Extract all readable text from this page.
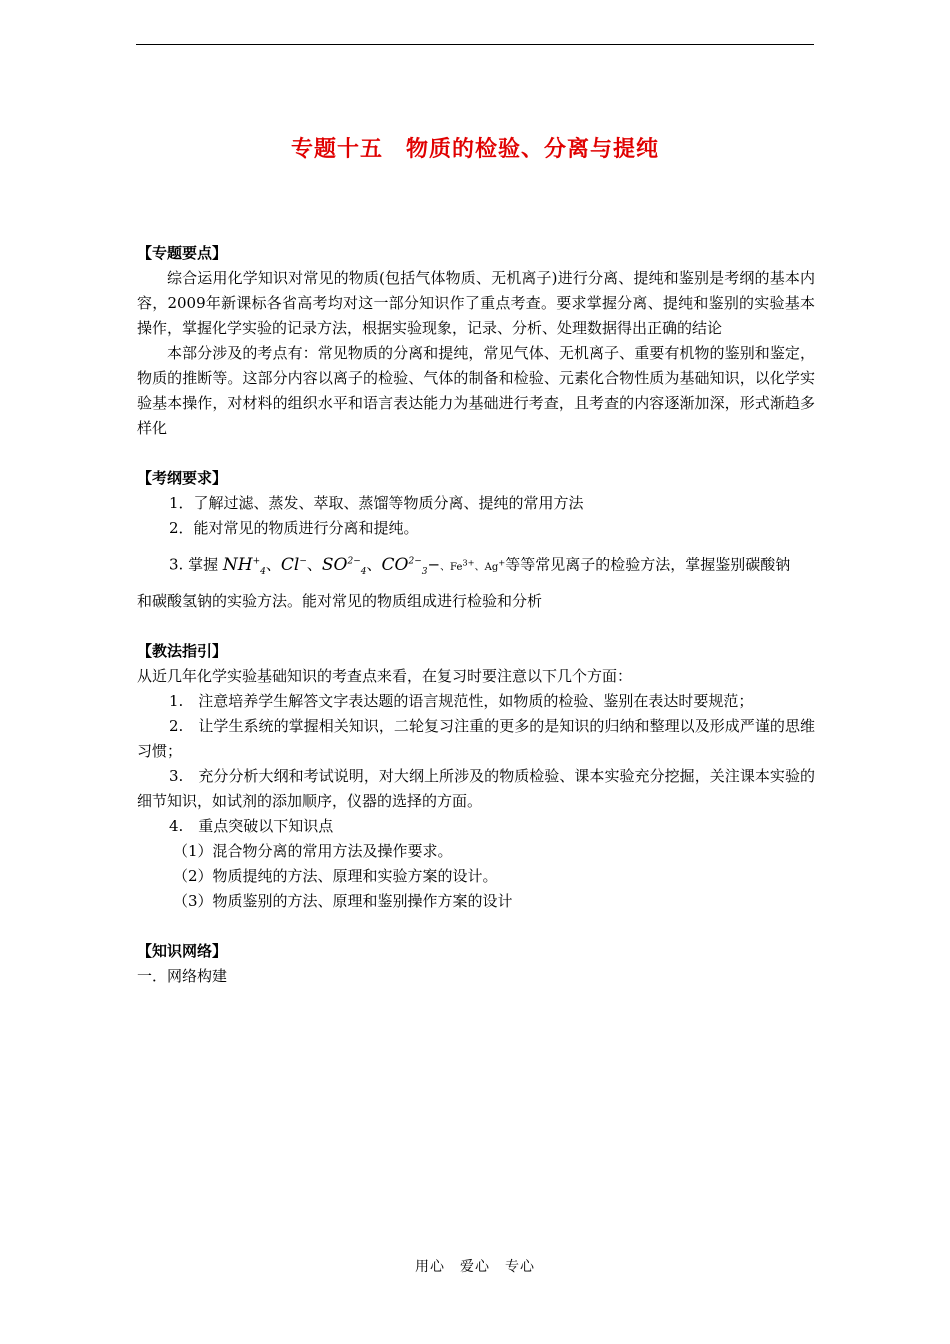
专题十五　物质的检验、分离与提纯
【专题要点】

综合运用化学知识对常见的物质(包括气体物质、无机离子)进行分离、提纯和鉴别是考纲的基本内容，2009年新课标各省高考均对这一部分知识作了重点考查。要求掌握分离、提纯和鉴别的实验基本操作，掌握化学实验的记录方法，根据实验现象，记录、分析、处理数据得出正确的结论

本部分涉及的考点有：常见物质的分离和提纯，常见气体、无机离子、重要有机物的鉴别和鉴定，物质的推断等。这部分内容以离子的检验、气体的制备和检验、元素化合物性质为基础知识，以化学实验基本操作，对材料的组织水平和语言表达能力为基础进行考查，且考查的内容逐渐加深，形式渐趋多样化

【考纲要求】
1．了解过滤、蒸发、萃取、蒸馏等物质分离、提纯的常用方法
2．能对常见的物质进行分离和提纯。
3. 掌握 $NH^+_4$、Cl−、$SO^{2-}_4$、$CO^{2-}_3-$、$Fe^{3+}$、Ag+等等常见离子的检验方法，掌握鉴别碳酸钠
和碳酸氢钠的实验方法。能对常见的物质组成进行检验和分析
【教法指引】
从近几年化学实验基础知识的考查点来看，在复习时要注意以下几个方面：

1.　注意培养学生解答文字表达题的语言规范性，如物质的检验、鉴别在表达时要规范；

2.　让学生系统的掌握相关知识，二轮复习注重的更多的是知识的归纳和整理以及形成严谨的思维习惯；

3.　充分分析大纲和考试说明，对大纲上所涉及的物质检验、课本实验充分挖掘，关注课本实验的细节知识，如试剂的添加顺序，仪器的选择的方面。

4.　重点突破以下知识点
（1）混合物分离的常用方法及操作要求。
（2）物质提纯的方法、原理和实验方案的设计。
（3）物质鉴别的方法、原理和鉴别操作方案的设计
【知识网络】
一．网络构建
用心　爱心　专心
